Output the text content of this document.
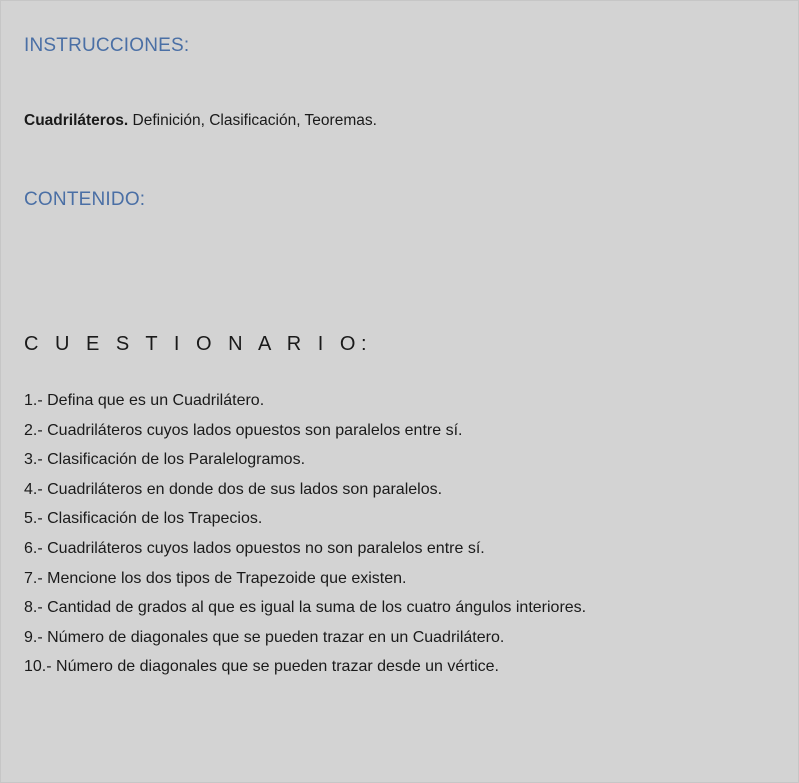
INSTRUCCIONES:
Cuadriláteros. Definición, Clasificación, Teoremas.
CONTENIDO:
C U E S T I O N A R I O:
1.- Defina que es un Cuadrilátero.
2.- Cuadriláteros cuyos lados opuestos son paralelos entre sí.
3.- Clasificación de los Paralelogramos.
4.- Cuadriláteros en donde dos de sus lados son paralelos.
5.- Clasificación de los Trapecios.
6.- Cuadriláteros cuyos lados opuestos no son paralelos entre sí.
7.- Mencione los dos tipos de Trapezoide que existen.
8.- Cantidad de grados al que es igual la suma de los cuatro ángulos interiores.
9.- Número de diagonales que se pueden trazar en un Cuadrilátero.
10.- Número de diagonales que se pueden trazar desde un vértice.
